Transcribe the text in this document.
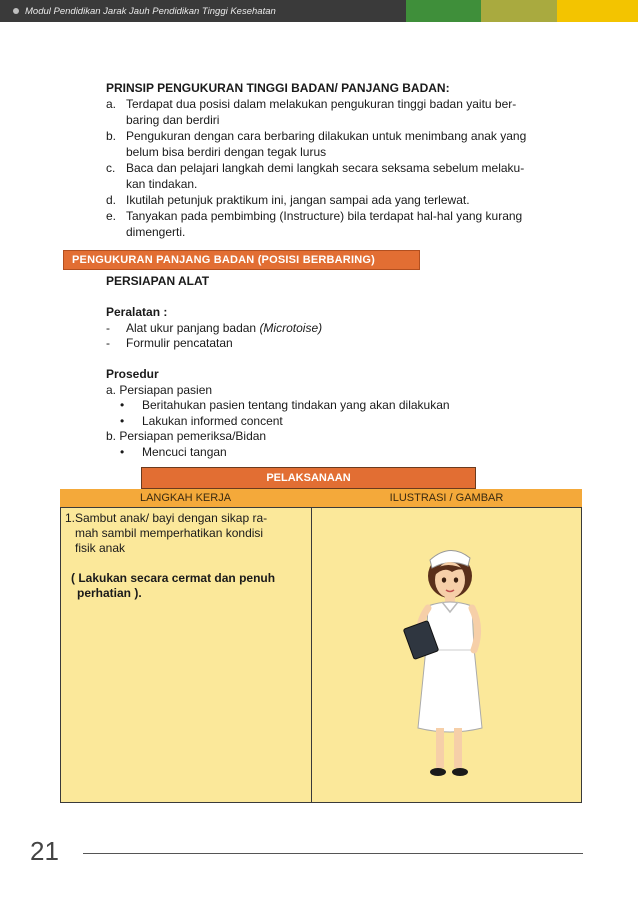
Modul Pendidikan Jarak Jauh Pendidikan Tinggi Kesehatan
PRINSIP PENGUKURAN TINGGI BADAN/ PANJANG BADAN:
a. Terdapat dua posisi dalam melakukan pengukuran tinggi badan yaitu ber-
baring dan berdiri
b. Pengukuran dengan cara berbaring dilakukan untuk menimbang anak yang
belum bisa berdiri dengan tegak lurus
c. Baca dan pelajari langkah demi langkah secara seksama sebelum melaku-
kan tindakan.
d. Ikutilah petunjuk praktikum ini, jangan sampai ada yang terlewat.
e. Tanyakan pada pembimbing (Instructure) bila terdapat hal-hal yang kurang
dimengerti.
PENGUKURAN PANJANG BADAN (POSISI BERBARING)
PERSIAPAN ALAT
Peralatan :
- Alat ukur panjang badan (Microtoise)
- Formulir pencatatan
Prosedur
a. Persiapan pasien
• Beritahukan pasien tentang tindakan yang akan dilakukan
• Lakukan informed concent
b. Persiapan pemeriksa/Bidan
• Mencuci tangan
PELAKSANAAN
LANGKAH KERJA	ILUSTRASI / GAMBAR
1.Sambut anak/ bayi dengan sikap ra-
mah sambil memperhatikan kondisi
fisik anak
( Lakukan secara cermat dan penuh
perhatian ).
21
